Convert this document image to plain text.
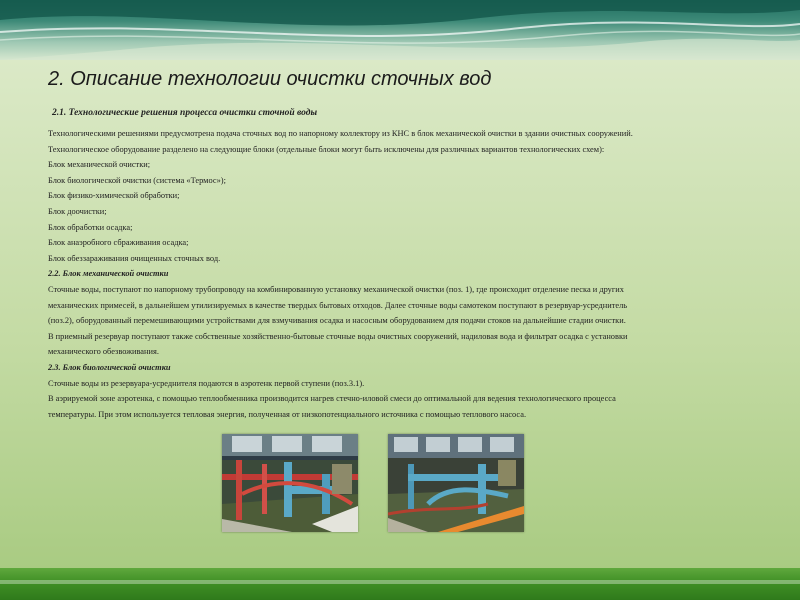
2. Описание технологии очистки сточных вод
2.1. Технологические решения процесса очистки сточной воды
Технологическими решениями предусмотрена подача сточных вод по напорному коллектору из КНС в блок механической очистки в здании очистных сооружений.
Технологическое оборудование разделено на следующие блоки (отдельные блоки могут быть исключены для различных вариантов технологических схем):
Блок механической очистки;
Блок биологической очистки (система «Термос»);
Блок физико-химической обработки;
Блок доочистки;
Блок обработки осадка;
Блок анаэробного сбраживания осадка;
Блок обеззараживания очищенных сточных вод.
2.2. Блок механической очистки
Сточные воды, поступают по напорному трубопроводу на комбинированную установку механической очистки (поз. 1), где происходит отделение песка и других
механических примесей, в дальнейшем утилизируемых в качестве твердых бытовых отходов. Далее сточные воды самотеком поступают в резервуар-усреднитель
(поз.2), оборудованный перемешивающими устройствами для взмучивания осадка и насосным оборудованием для подачи стоков на дальнейшие стадии очистки.
В приемный резервуар поступают также собственные хозяйственно-бытовые сточные воды очистных сооружений, надиловая вода и фильтрат осадка с установки
механического обезвоживания.
2.3. Блок биологической очистки
Сточные воды из резервуара-усреднителя подаются в аэротенк первой ступени (поз.3.1).
В аэрируемой зоне аэротенка, с помощью теплообменника производится нагрев стечно-иловой смеси до оптимальной для ведения технологического процесса
температуры. При этом используется тепловая энергия, полученная от низкопотенциального источника с помощью теплового насоса.
